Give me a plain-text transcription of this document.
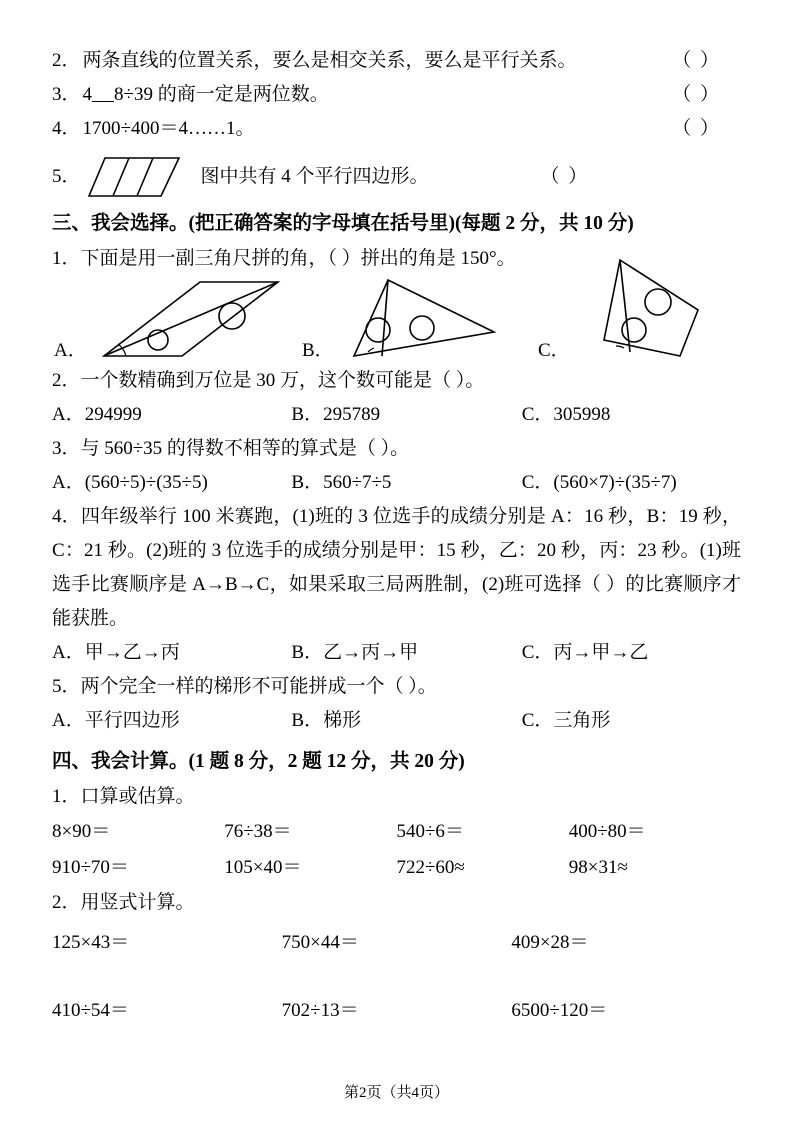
2． 两条直线的位置关系，要么是相交关系，要么是平行关系。	（ ）
3． 4 8÷39 的商一定是两位数。	（ ）
4． 1700÷400＝4……1。	（ ）
5．	图中共有 4 个平行四边形。	（ ）
三、我会选择。(把正确答案的字母填在括号里)(每题 2 分，共 10 分)
1．下面是用一副三角尺拼的角，（ ）拼出的角是 150°。
A．	B．	C．
2．一个数精确到万位是 30 万，这个数可能是（ ）。
A．294999	B．295789	C．305998
3．与 560÷35 的得数不相等的算式是（ ）。
A．(560÷5)÷(35÷5)	B．560÷7÷5	C．(560×7)÷(35÷7)
4．四年级举行 100 米赛跑，(1)班的 3 位选手的成绩分别是 A：16 秒，B：19 秒，C：21 秒。(2)班的 3 位选手的成绩分别是甲：15 秒，乙：20 秒，丙：23 秒。(1)班选手比赛顺序是 A→B→C，如果采取三局两胜制，(2)班可选择（ ）的比赛顺序才能获胜。
A．甲→乙→丙	B．乙→丙→甲	C．丙→甲→乙
5．两个完全一样的梯形不可能拼成一个（ ）。
A．平行四边形	B．梯形	C．三角形
四、我会计算。(1 题 8 分，2 题 12 分，共 20 分)
1．口算或估算。
8×90＝	76÷38＝	540÷6＝	400÷80＝
910÷70＝	105×40＝	722÷60≈	98×31≈
2．用竖式计算。
125×43＝	750×44＝	409×28＝
410÷54＝	702÷13＝	6500÷120＝
第2页（共4页）
